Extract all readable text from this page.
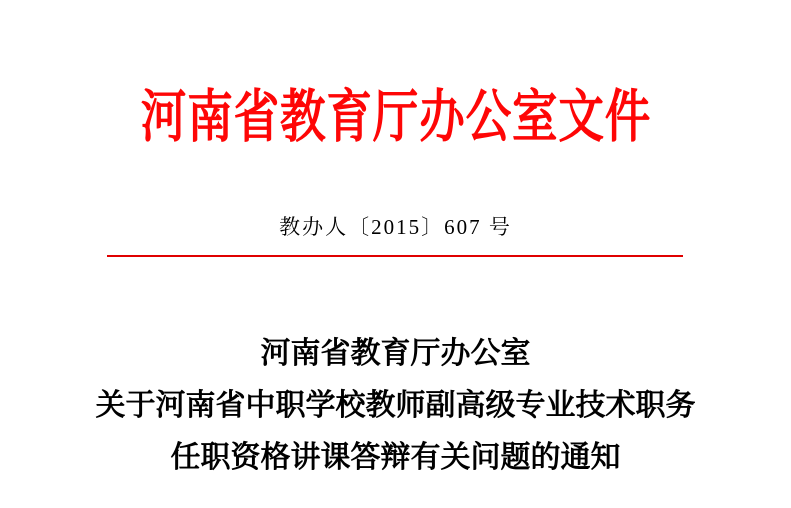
河南省教育厅办公室文件
教办人〔2015〕607 号
河南省教育厅办公室
关于河南省中职学校教师副高级专业技术职务
任职资格讲课答辩有关问题的通知
